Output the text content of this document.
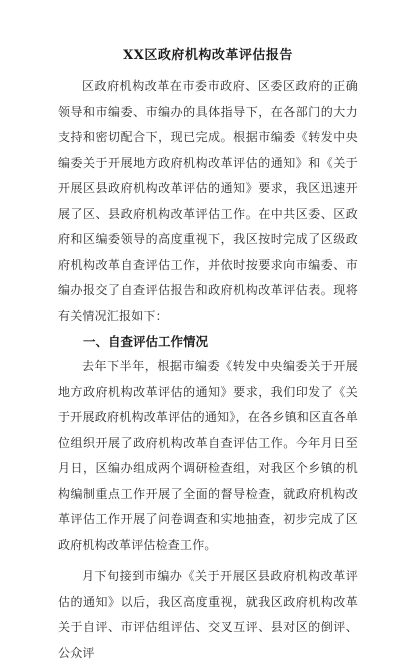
XX区政府机构改革评估报告

区政府机构改革在市委市政府、区委区政府的正确领导和市编委、市编办的具体指导下，在各部门的大力支持和密切配合下，现已完成。根据市编委《转发中央编委关于开展地方政府机构改革评估的通知》和《关于开展区县政府机构改革评估的通知》要求，我区迅速开展了区、县政府机构改革评估工作。在中共区委、区政府和区编委领导的高度重视下，我区按时完成了区级政府机构改革自查评估工作，并依时按要求向市编委、市编办报交了自查评估报告和政府机构改革评估表。现将有关情况汇报如下：

一、自查评估工作情况

去年下半年，根据市编委《转发中央编委关于开展地方政府机构改革评估的通知》要求，我们印发了《关于开展政府机构改革评估的通知》，在各乡镇和区直各单位组织开展了政府机构改革自查评估工作。今年月日至月日，区编办组成两个调研检查组，对我区个乡镇的机构编制重点工作开展了全面的督导检查，就政府机构改革评估工作开展了问卷调查和实地抽查，初步完成了区政府机构改革评估检查工作。

月下旬接到市编办《关于开展区县政府机构改革评估的通知》以后，我区高度重视，就我区政府机构改革关于自评、市评估组评估、交叉互评、县对区的倒评、公众评
